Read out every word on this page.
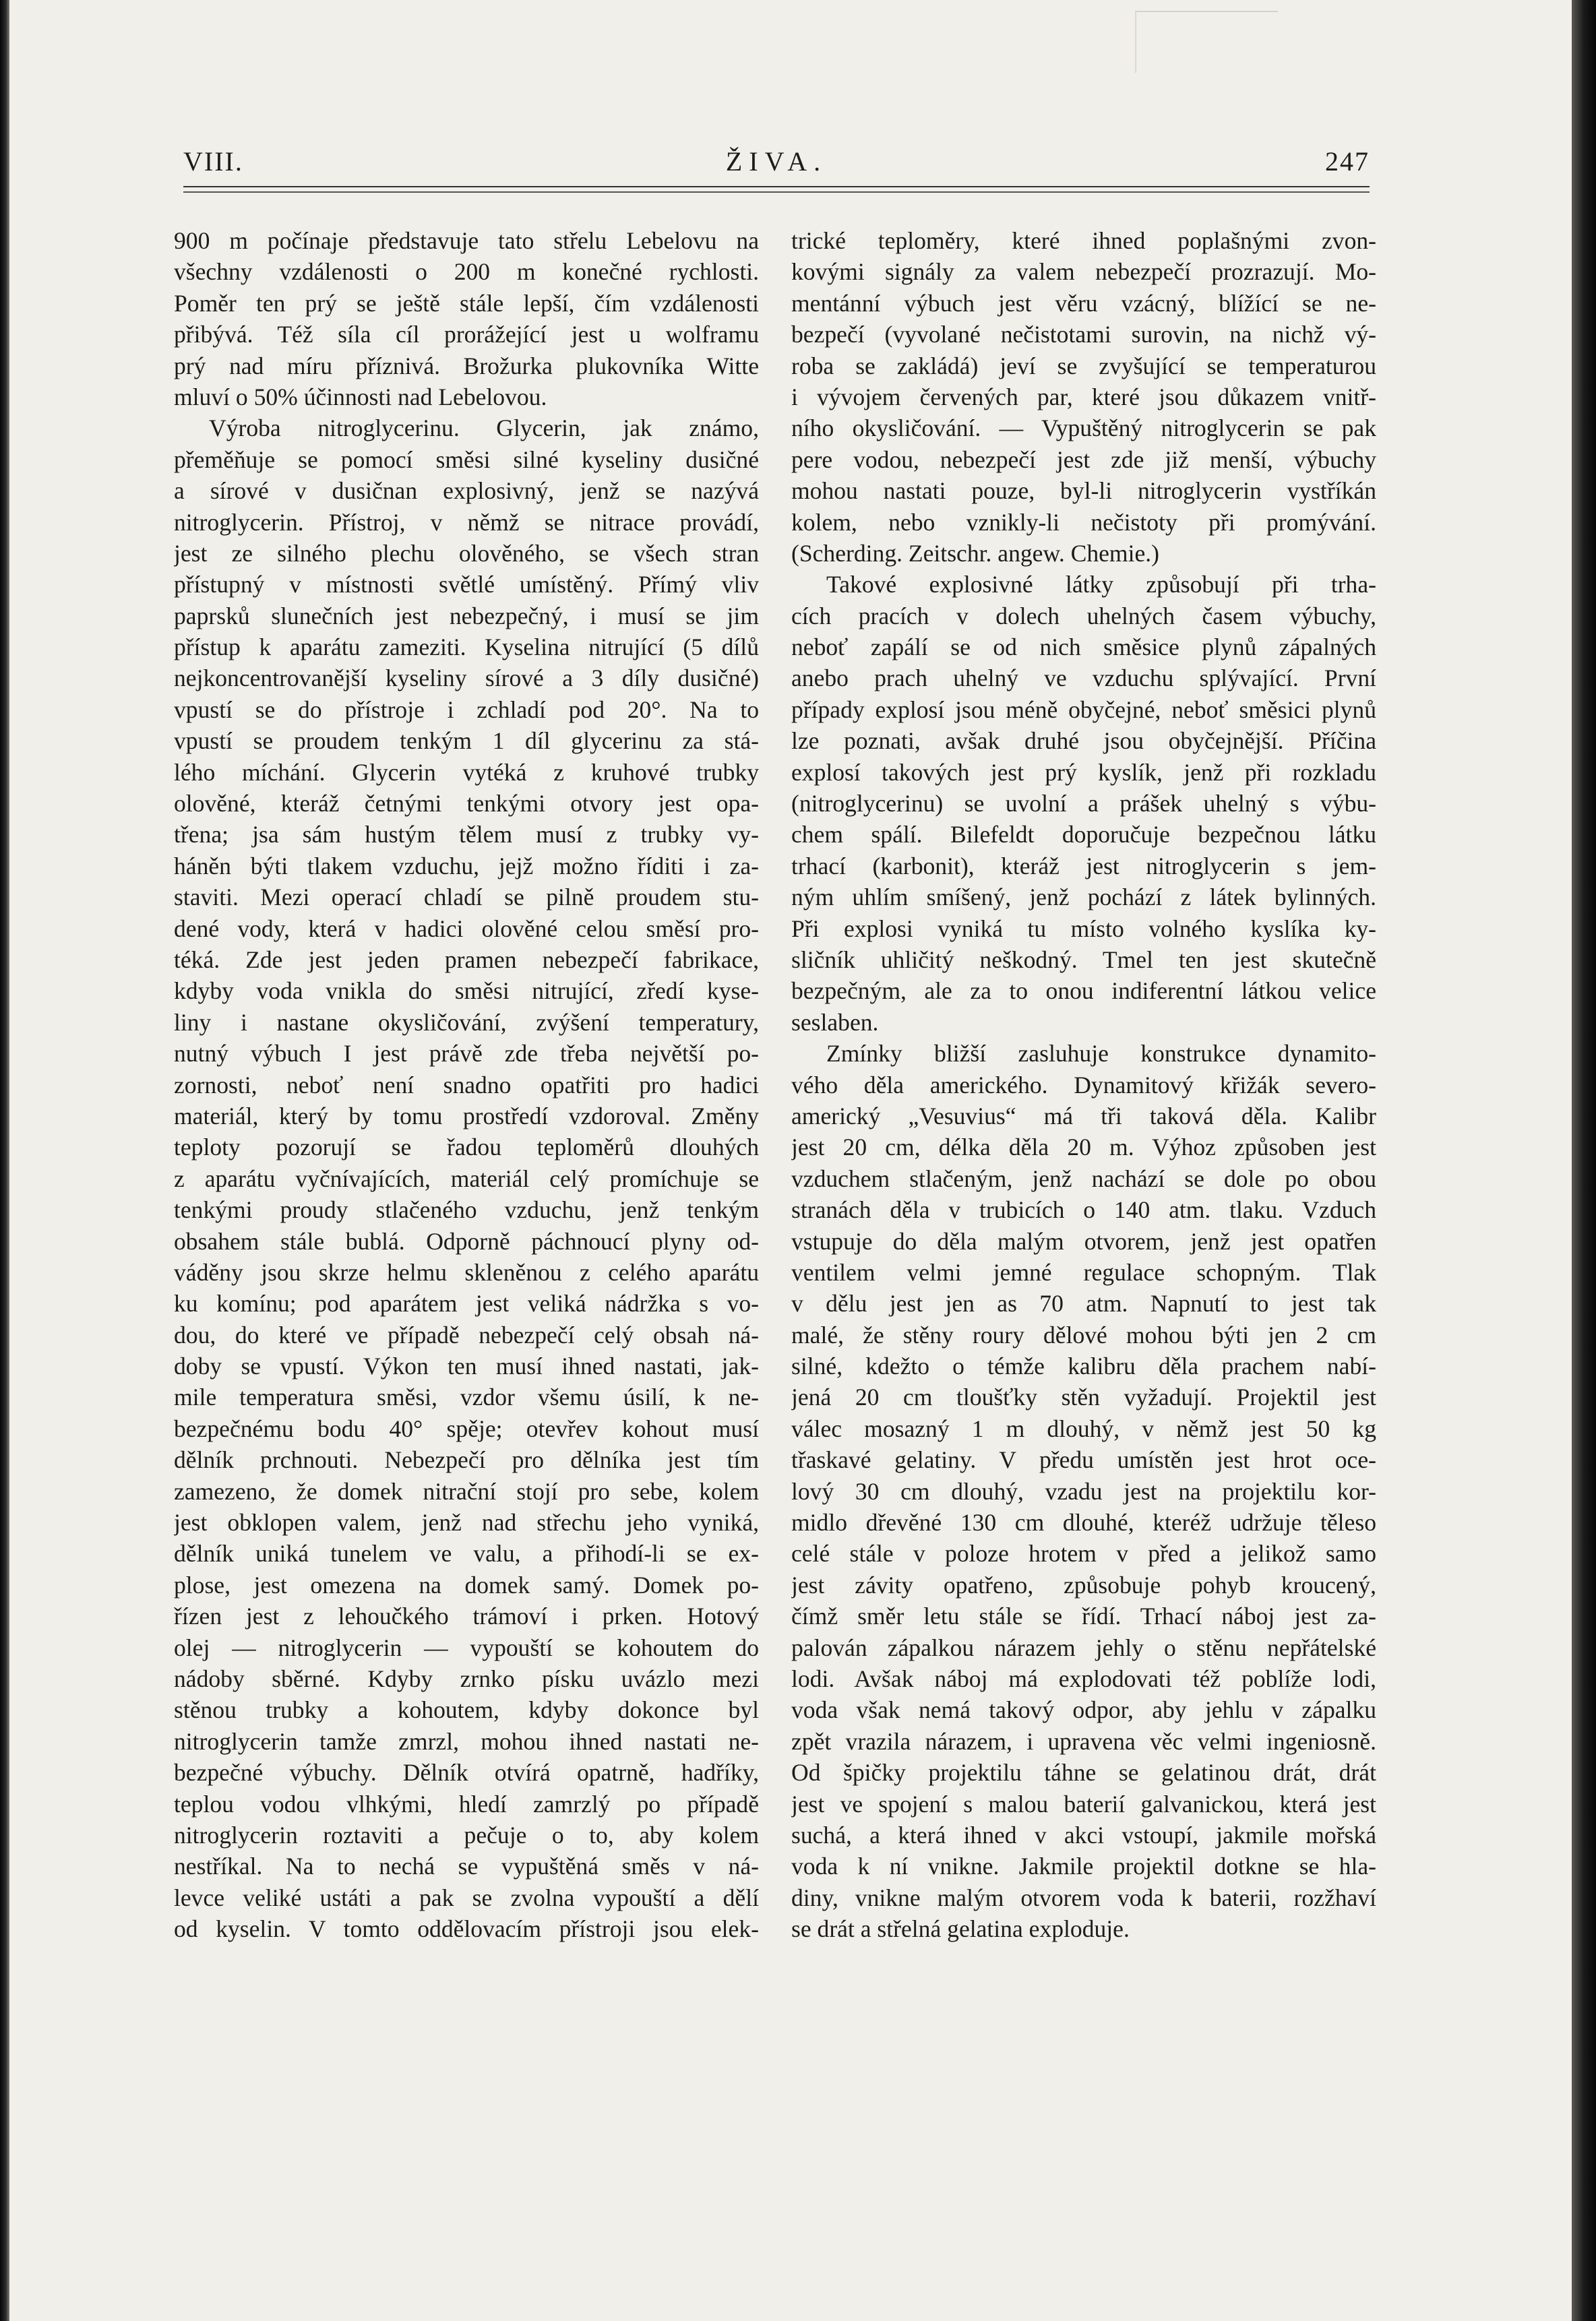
VIII.	ŽIVA.	247
900 m počínaje představuje tato střelu Lebelovu na
všechny vzdálenosti o 200 m konečné rychlosti.
Poměr ten prý se ještě stále lepší, čím vzdálenosti
přibývá. Též síla cíl prorážející jest u wolframu
prý nad míru příznivá. Brožurka plukovníka Witte
mluví o 50% účinnosti nad Lebelovou.
Výroba nitroglycerinu. Glycerin, jak známo,
přeměňuje se pomocí směsi silné kyseliny dusičné
a sírové v dusičnan explosivný, jenž se nazývá
nitroglycerin. Přístroj, v němž se nitrace provádí,
jest ze silného plechu olověného, se všech stran
přístupný v místnosti světlé umístěný. Přímý vliv
paprsků slunečních jest nebezpečný, i musí se jim
přístup k aparátu zameziti. Kyselina nitrující (5 dílů
nejkoncentrovanější kyseliny sírové a 3 díly dusičné)
vpustí se do přístroje i zchladí pod 20°. Na to
vpustí se proudem tenkým 1 díl glycerinu za stá-
lého míchání. Glycerin vytéká z kruhové trubky
olověné, kteráž četnými tenkými otvory jest opa-
třena; jsa sám hustým tělem musí z trubky vy-
háněn býti tlakem vzduchu, jejž možno říditi i za-
staviti. Mezi operací chladí se pilně proudem stu-
dené vody, která v hadici olověné celou směsí pro-
téká. Zde jest jeden pramen nebezpečí fabrikace,
kdyby voda vnikla do směsi nitrující, zředí kyse-
liny i nastane okysličování, zvýšení temperatury,
nutný výbuch I jest právě zde třeba největší po-
zornosti, neboť není snadno opatřiti pro hadici
materiál, který by tomu prostředí vzdoroval. Změny
teploty pozorují se řadou teploměrů dlouhých
z aparátu vyčnívajících, materiál celý promíchuje se
tenkými proudy stlačeného vzduchu, jenž tenkým
obsahem stále bublá. Odporně páchnoucí plyny od-
váděny jsou skrze helmu skleněnou z celého aparátu
ku komínu; pod aparátem jest veliká nádržka s vo-
dou, do které ve případě nebezpečí celý obsah ná-
doby se vpustí. Výkon ten musí ihned nastati, jak-
mile temperatura směsi, vzdor všemu úsilí, k ne-
bezpečnému bodu 40° spěje; otevřev kohout musí
dělník prchnouti. Nebezpečí pro dělníka jest tím
zamezeno, že domek nitrační stojí pro sebe, kolem
jest obklopen valem, jenž nad střechu jeho vyniká,
dělník uniká tunelem ve valu, a přihodí-li se ex-
plose, jest omezena na domek samý. Domek po-
řízen jest z lehoučkého trámoví i prken. Hotový
olej — nitroglycerin — vypouští se kohoutem do
nádoby sběrné. Kdyby zrnko písku uvázlo mezi
stěnou trubky a kohoutem, kdyby dokonce byl
nitroglycerin tamže zmrzl, mohou ihned nastati ne-
bezpečné výbuchy. Dělník otvírá opatrně, hadříky,
teplou vodou vlhkými, hledí zamrzlý po případě
nitroglycerin roztaviti a pečuje o to, aby kolem
nestříkal. Na to nechá se vypuštěná směs v ná-
levce veliké ustáti a pak se zvolna vypouští a dělí
od kyselin. V tomto oddělovacím přístroji jsou elek-
trické teploměry, které ihned poplašnými zvon-
kovými signály za valem nebezpečí prozrazují. Mo-
mentánní výbuch jest věru vzácný, blížící se ne-
bezpečí (vyvolané nečistotami surovin, na nichž vý-
roba se zakládá) jeví se zvyšující se temperaturou
i vývojem červených par, které jsou důkazem vnitř-
ního okysličování. — Vypuštěný nitroglycerin se pak
pere vodou, nebezpečí jest zde již menší, výbuchy
mohou nastati pouze, byl-li nitroglycerin vystříkán
kolem, nebo vznikly-li nečistoty při promývání.
(Scherding. Zeitschr. angew. Chemie.)
Takové explosivné látky způsobují při trha-
cích pracích v dolech uhelných časem výbuchy,
neboť zapálí se od nich směsice plynů zápalných
anebo prach uhelný ve vzduchu splývající. První
případy explosí jsou méně obyčejné, neboť směsici plynů
lze poznati, avšak druhé jsou obyčejnější. Příčina
explosí takových jest prý kyslík, jenž při rozkladu
(nitroglycerinu) se uvolní a prášek uhelný s výbu-
chem spálí. Bilefeldt doporučuje bezpečnou látku
trhací (karbonit), kteráž jest nitroglycerin s jem-
ným uhlím smíšený, jenž pochází z látek bylinných.
Při explosi vyniká tu místo volného kyslíka ky-
sličník uhličitý neškodný. Tmel ten jest skutečně
bezpečným, ale za to onou indiferentní látkou velice
seslaben.
Zmínky bližší zasluhuje konstrukce dynamito-
vého děla amerického. Dynamitový křižák severo-
americký „Vesuvius“ má tři taková děla. Kalibr
jest 20 cm, délka děla 20 m. Výhoz způsoben jest
vzduchem stlačeným, jenž nachází se dole po obou
stranách děla v trubicích o 140 atm. tlaku. Vzduch
vstupuje do děla malým otvorem, jenž jest opatřen
ventilem velmi jemné regulace schopným. Tlak
v dělu jest jen as 70 atm. Napnutí to jest tak
malé, že stěny roury dělové mohou býti jen 2 cm
silné, kdežto o témže kalibru děla prachem nabí-
jená 20 cm tloušťky stěn vyžadují. Projektil jest
válec mosazný 1 m dlouhý, v němž jest 50 kg
třaskavé gelatiny. V předu umístěn jest hrot oce-
lový 30 cm dlouhý, vzadu jest na projektilu kor-
midlo dřevěné 130 cm dlouhé, kteréž udržuje těleso
celé stále v poloze hrotem v před a jelikož samo
jest závity opatřeno, způsobuje pohyb kroucený,
čímž směr letu stále se řídí. Trhací náboj jest za-
palován zápalkou nárazem jehly o stěnu nepřátelské
lodi. Avšak náboj má explodovati též poblíže lodi,
voda však nemá takový odpor, aby jehlu v zápalku
zpět vrazila nárazem, i upravena věc velmi ingeniosně.
Od špičky projektilu táhne se gelatinou drát, drát
jest ve spojení s malou baterií galvanickou, která jest
suchá, a která ihned v akci vstoupí, jakmile mořská
voda k ní vnikne. Jakmile projektil dotkne se hla-
diny, vnikne malým otvorem voda k baterii, rozžhaví
se drát a střelná gelatina exploduje.
